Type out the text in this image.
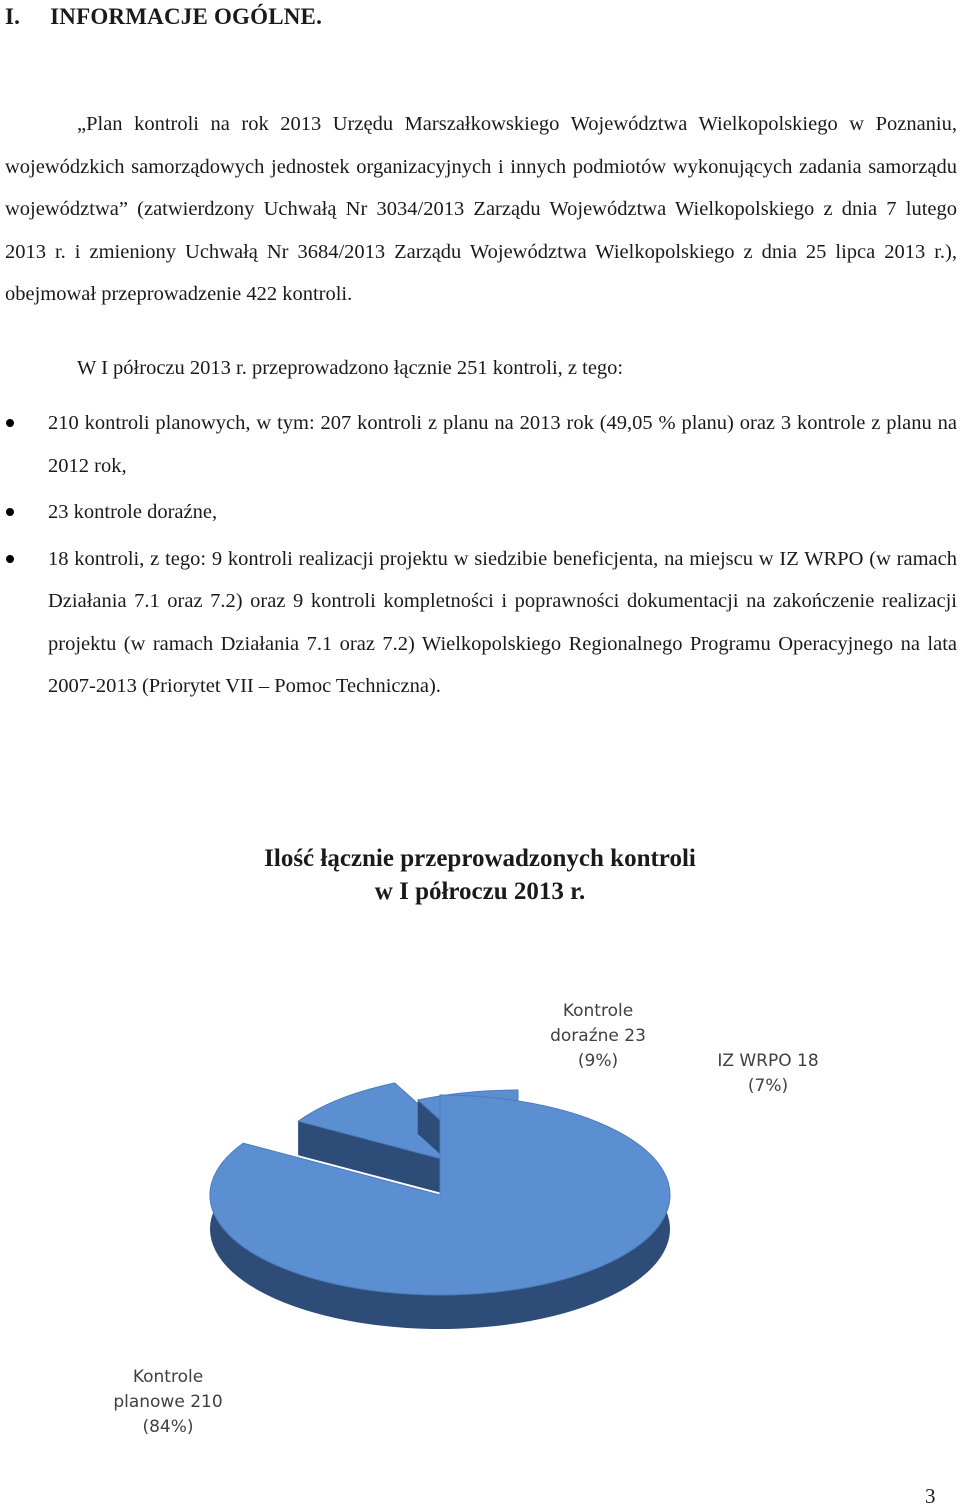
I. INFORMACJE OGÓLNE.

„Plan kontroli na rok 2013 Urzędu Marszałkowskiego Województwa Wielkopolskiego w Poznaniu, wojewódzkich samorządowych jednostek organizacyjnych i innych podmiotów wykonujących zadania samorządu województwa” (zatwierdzony Uchwałą Nr 3034/2013 Zarządu Województwa Wielkopolskiego z dnia 7 lutego 2013 r. i zmieniony Uchwałą Nr 3684/2013 Zarządu Województwa Wielkopolskiego z dnia 25 lipca 2013 r.), obejmował przeprowadzenie 422 kontroli.

W I półroczu 2013 r. przeprowadzono łącznie 251 kontroli, z tego:

210 kontroli planowych, w tym: 207 kontroli z planu na 2013 rok (49,05 % planu) oraz 3 kontrole z planu na 2012 rok,
23 kontrole doraźne,
18 kontroli, z tego: 9 kontroli realizacji projektu w siedzibie beneficjenta, na miejscu w IZ WRPO (w ramach Działania 7.1 oraz 7.2) oraz 9 kontroli kompletności i poprawności dokumentacji na zakończenie realizacji projektu (w ramach Działania 7.1 oraz 7.2) Wielkopolskiego Regionalnego Programu Operacyjnego na lata 2007-2013 (Priorytet VII – Pomoc Techniczna).
Ilość łącznie przeprowadzonych kontroli
w I półroczu 2013 r.
Kontrole
planowe 210
(84%)
Kontrole
doraźne 23
(9%)	IZ WRPO 18
(7%)
3
